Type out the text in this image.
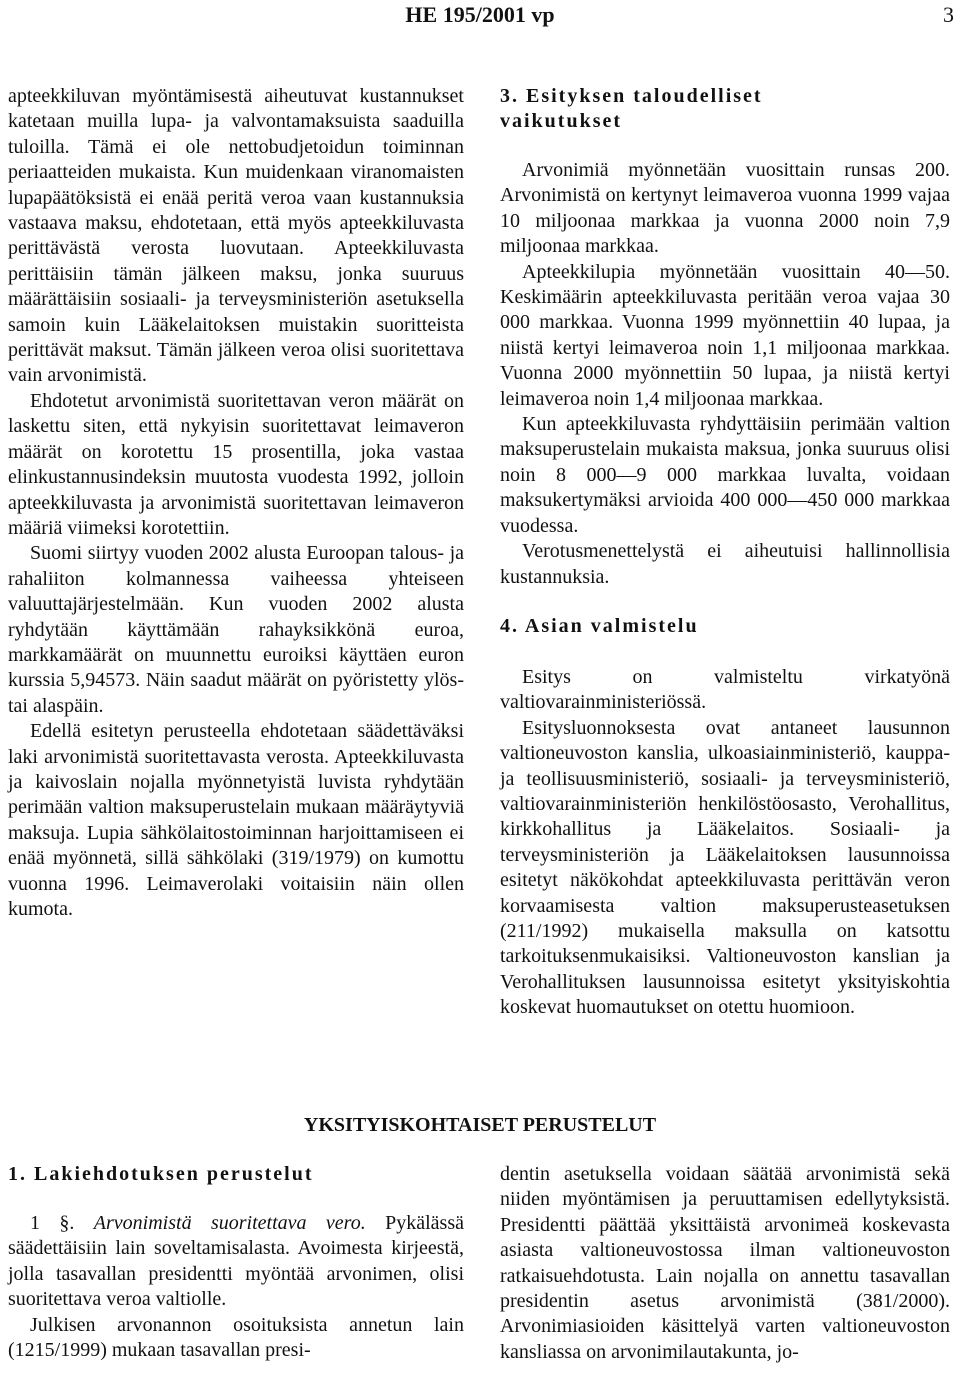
HE 195/2001 vp	3

apteekkiluvan myöntämisestä aiheutuvat kustannukset katetaan muilla lupa- ja valvontamaksuista saaduilla tuloilla. Tämä ei ole nettobudjetoidun toiminnan periaatteiden mukaista. Kun muidenkaan viranomaisten lupapäätöksistä ei enää peritä veroa vaan kustannuksia vastaava maksu, ehdotetaan, että myös apteekkiluvasta perittävästä verosta luovutaan. Apteekkiluvasta perittäisiin tämän jälkeen maksu, jonka suuruus määrättäisiin sosiaali- ja terveysministeriön asetuksella samoin kuin Lääkelaitoksen muistakin suoritteista perittävät maksut. Tämän jälkeen veroa olisi suoritettava vain arvonimistä.

Ehdotetut arvonimistä suoritettavan veron määrät on laskettu siten, että nykyisin suoritettavat leimaveron määrät on korotettu 15 prosentilla, joka vastaa elinkustannusindeksin muutosta vuodesta 1992, jolloin apteekkiluvasta ja arvonimistä suoritettavan leimaveron määriä viimeksi korotettiin.

Suomi siirtyy vuoden 2002 alusta Euroopan talous- ja rahaliiton kolmannessa vaiheessa yhteiseen valuuttajärjestelmään. Kun vuoden 2002 alusta ryhdytään käyttämään rahayksikkönä euroa, markkamäärät on muunnettu euroiksi käyttäen euron kurssia 5,94573. Näin saadut määrät on pyöristetty ylös- tai alaspäin.

Edellä esitetyn perusteella ehdotetaan säädettäväksi laki arvonimistä suoritettavasta verosta. Apteekkiluvasta ja kaivoslain nojalla myönnetyistä luvista ryhdytään perimään valtion maksuperustelain mukaan määräytyviä maksuja. Lupia sähkölaitostoiminnan harjoittamiseen ei enää myönnetä, sillä sähkölaki (319/1979) on kumottu vuonna 1996. Leimaverolaki voitaisiin näin ollen kumota.

3. Esityksen taloudelliset vaikutukset

Arvonimiä myönnetään vuosittain runsas 200. Arvonimistä on kertynyt leimaveroa vuonna 1999 vajaa 10 miljoonaa markkaa ja vuonna 2000 noin 7,9 miljoonaa markkaa.

Apteekkilupia myönnetään vuosittain 40—50. Keskimäärin apteekkiluvasta peritään veroa vajaa 30 000 markkaa. Vuonna 1999 myönnettiin 40 lupaa, ja niistä kertyi leimaveroa noin 1,1 miljoonaa markkaa. Vuonna 2000 myönnettiin 50 lupaa, ja niistä kertyi leimaveroa noin 1,4 miljoonaa markkaa.

Kun apteekkiluvasta ryhdyttäisiin perimään valtion maksuperustelain mukaista maksua, jonka suuruus olisi noin 8 000—9 000 markkaa luvalta, voidaan maksukertymäksi arvioida 400 000—450 000 markkaa vuodessa.

Verotusmenettelystä ei aiheutuisi hallinnollisia kustannuksia.

4. Asian valmistelu

Esitys on valmisteltu virkatyönä valtiovarainministeriössä.

Esitysluonnoksesta ovat antaneet lausunnon valtioneuvoston kanslia, ulkoasiainministeriö, kauppa- ja teollisuusministeriö, sosiaali- ja terveysministeriö, valtiovarainministeriön henkilöstöosasto, Verohallitus, kirkkohallitus ja Lääkelaitos. Sosiaali- ja terveysministeriön ja Lääkelaitoksen lausunnoissa esitetyt näkökohdat apteekkiluvasta perittävän veron korvaamisesta valtion maksuperusteasetuksen (211/1992) mukaisella maksulla on katsottu tarkoituksenmukaisiksi. Valtioneuvoston kanslian ja Verohallituksen lausunnoissa esitetyt yksityiskohtia koskevat huomautukset on otettu huomioon.

YKSITYISKOHTAISET PERUSTELUT
1. Lakiehdotuksen perustelut

1 §. Arvonimistä suoritettava vero. Pykälässä säädettäisiin lain soveltamisalasta. Avoimesta kirjeestä, jolla tasavallan presidentti myöntää arvonimen, olisi suoritettava veroa valtiolle.

Julkisen arvonannon osoituksista annetun lain (1215/1999) mukaan tasavallan presi-

dentin asetuksella voidaan säätää arvonimistä sekä niiden myöntämisen ja peruuttamisen edellytyksistä. Presidentti päättää yksittäistä arvonimeä koskevasta asiasta valtioneuvostossa ilman valtioneuvoston ratkaisuehdotusta. Lain nojalla on annettu tasavallan presidentin asetus arvonimistä (381/2000). Arvonimiasioiden käsittelyä varten valtioneuvoston kansliassa on arvonimilautakunta, jo-
